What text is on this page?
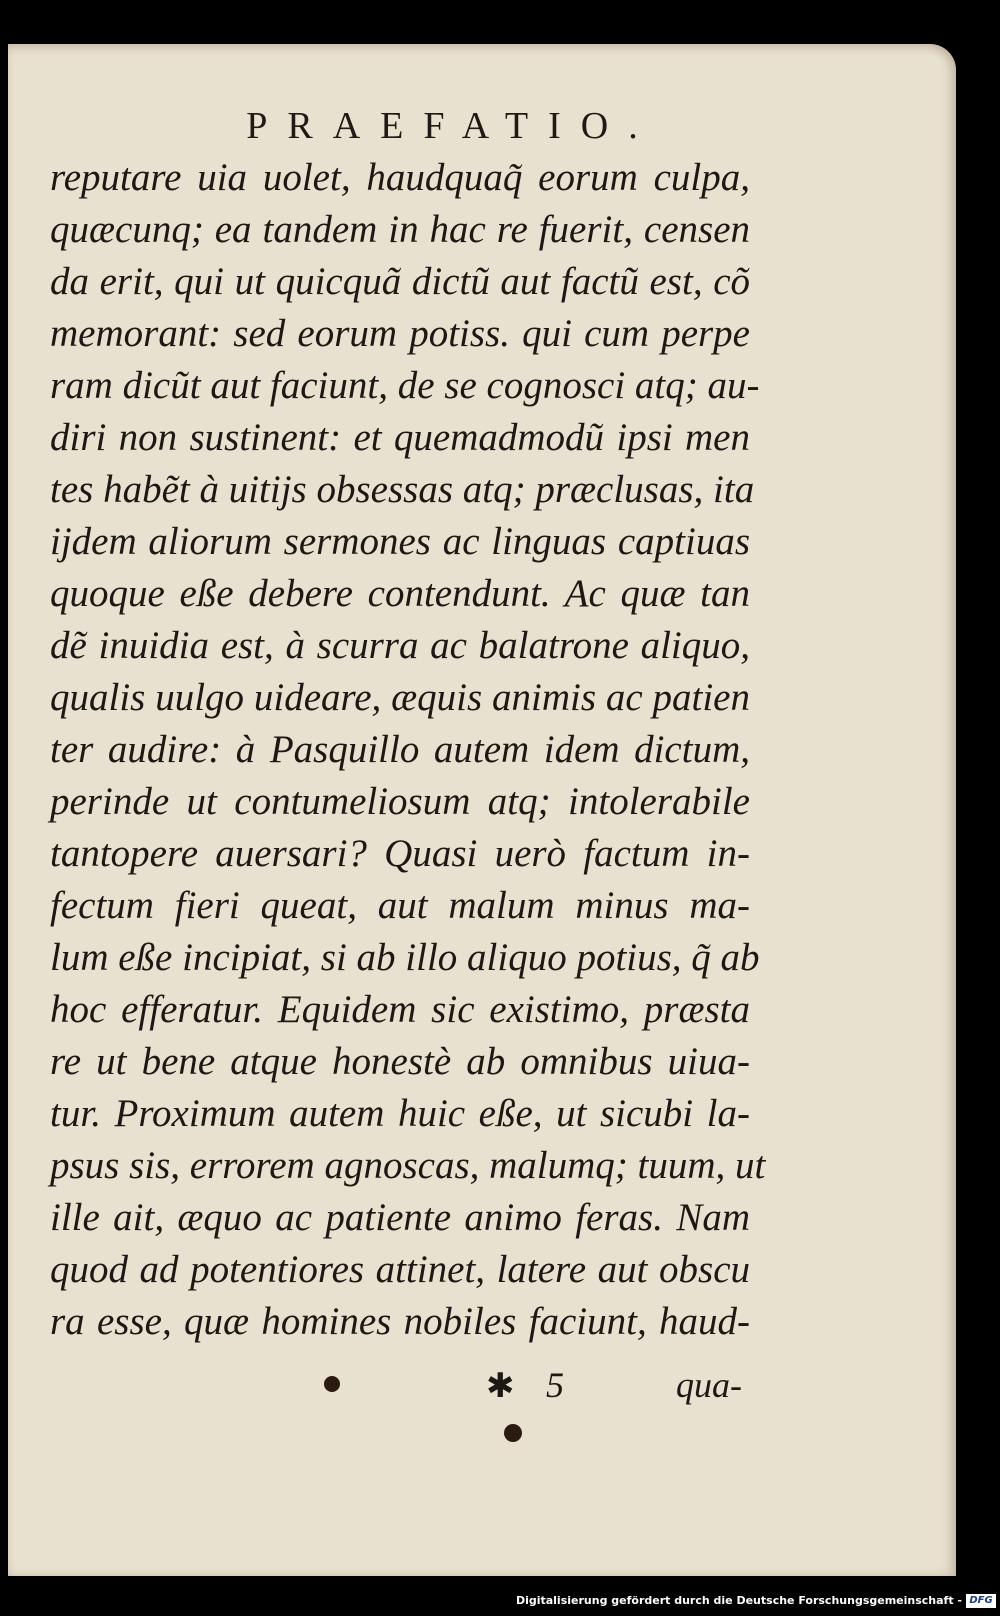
PRAEFATIO.
reputare uia uolet, haudquaq̃ eorum culpa,
quæcunq; ea tandem in hac re fuerit, censen
da erit, qui ut quicquã dictũ aut factũ est, cõ
memorant: sed eorum potiss. qui cum perpe
ram dicũt aut faciunt, de se cognosci atq; au-
diri non sustinent: et quemadmodũ ipsi men
tes habẽt à uitijs obsessas atq; præclusas, ita
ijdem aliorum sermones ac linguas captiuas
quoque eße debere contendunt. Ac quæ tan
dẽ inuidia est, à scurra ac balatrone aliquo,
qualis uulgo uideare, æquis animis ac patien
ter audire: à Pasquillo autem idem dictum,
perinde ut contumeliosum atq; intolerabile
tantopere auersari? Quasi uerò factum in-
fectum fieri queat, aut malum minus ma-
lum eße incipiat, si ab illo aliquo potius, q̃ ab
hoc efferatur. Equidem sic existimo, præsta
re ut bene atque honestè ab omnibus uiua-
tur. Proximum autem huic eße, ut sicubi la-
psus sis, errorem agnoscas, malumq; tuum, ut
ille ait, æquo ac patiente animo feras. Nam
quod ad potentiores attinet, latere aut obscu
ra esse, quæ homines nobiles faciunt, haud-
✱ 5	qua-
Digitalisierung gefördert durch die Deutsche Forschungsgemeinschaft - DFG
